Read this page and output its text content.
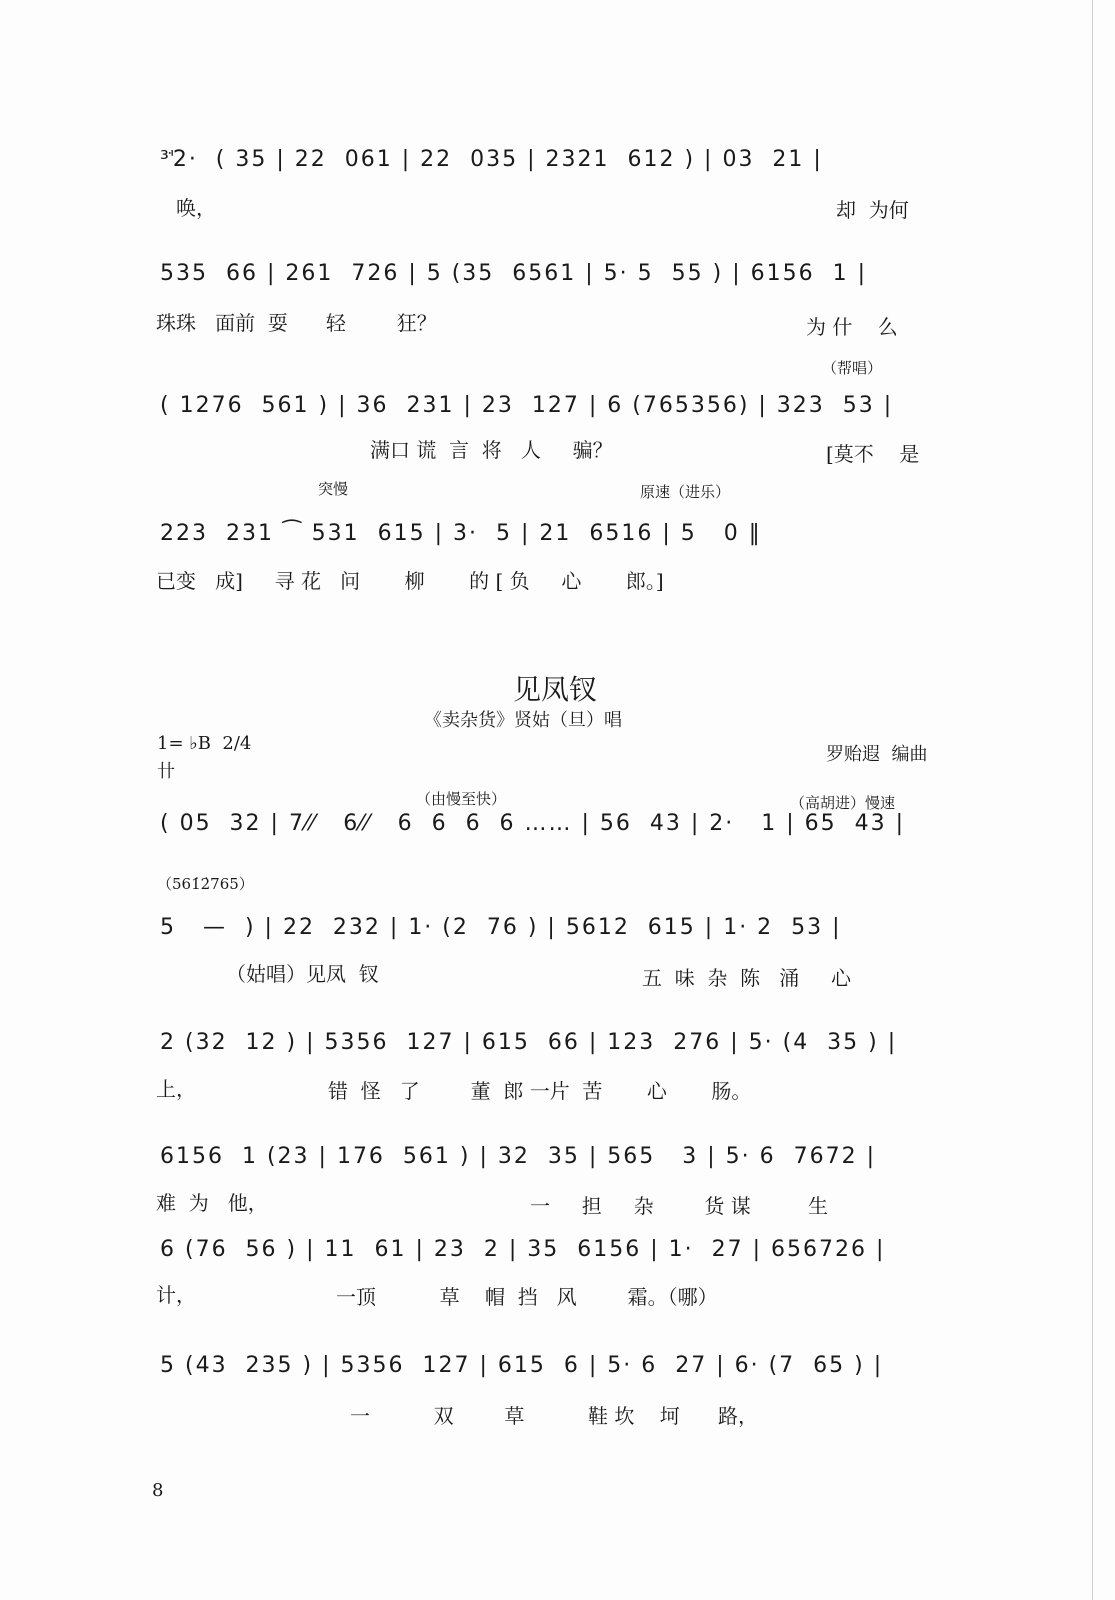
³ꜗ2·  ( 35 | 22  061 | 22  035 | 2321  612 ) | 03  21 |
唤，	却  为何
535  66 | 261  726 | 5 (35  6561 | 5· 5  55 ) | 6156  1 |
珠珠   面前  耍      轻        狂？	为 什    么
（帮唱）
( 1276  561 ) | 36  231 | 23  127 | 6 (765356) | 323  53 |
满口 谎  言  将   人     骗？	[莫不    是
突慢	原速（进乐）
223  231 ⁀ 531  615 | 3·  5 | 21  6516 | 5   0 ‖
已变   成]     寻 花   问       柳       的 [ 负     心       郎。]
见凤钗
《卖杂货》贤姑（旦）唱
1= ♭B  2/4
卄
罗贻遐  编曲
（由慢至快）	（高胡进）慢速
( 05  32 | 7⁄⁄   6⁄⁄   6  6  6  6 …… | 56  43 | 2·   1 | 65  43 |
（561̇2̇765）
5   —  ) | 22  232 | 1· (2  76 ) | 5612  615 | 1· 2  53 |
（姑唱）见凤  钗	五  味  杂  陈   涌     心
2 (32  12 ) | 5356  127 | 615  66 | 123  276 | 5· (4  35 ) |
上，	错  怪   了        董  郎 一片  苦       心       肠。
6156  1 (23 | 176  561 ) | 32  35 | 565   3 | 5· 6  7672 |
难  为   他，	一     担     杂        货 谋         生
6 (76  56 ) | 11  61 | 23  2 | 35  6156 | 1·  27 | 656726 |
计，	一顶          草    帽  挡   风        霜。（哪）
5 (43  235 ) | 5356  127 | 615  6 | 5· 6  27 | 6· (7  65 ) |
一          双        草          鞋 坎    坷      路，
8
